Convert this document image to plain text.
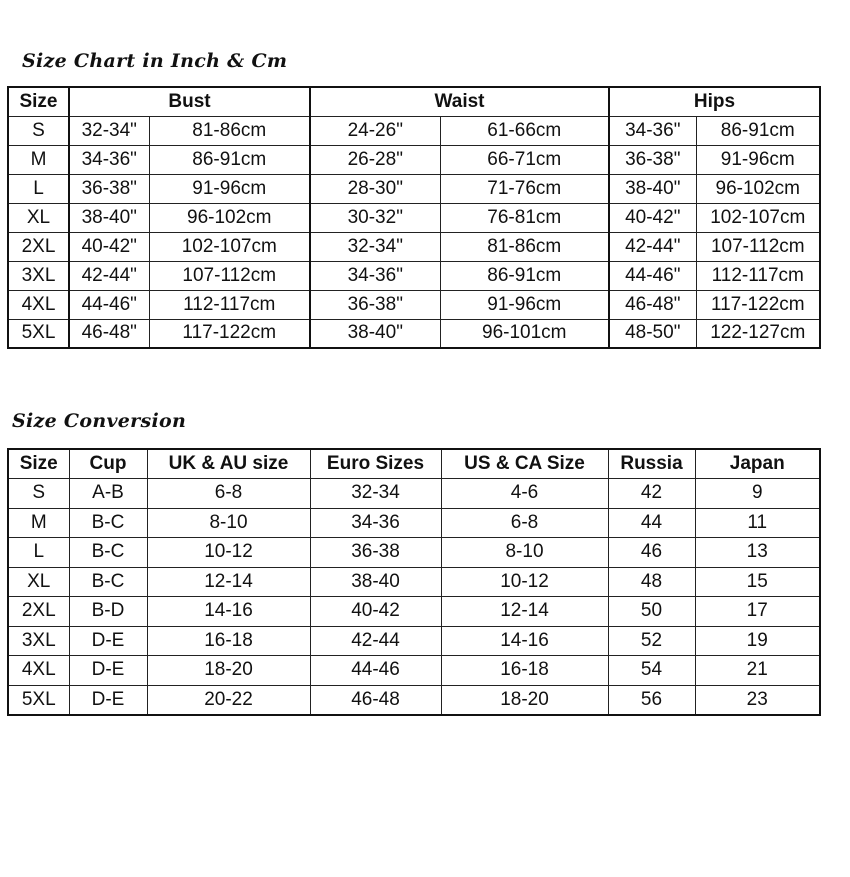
Size Chart in Inch & Cm
Size	Bust		Waist		Hips	
S	32-34"	81-86cm	24-26"	61-66cm	34-36"	86-91cm
M	34-36"	86-91cm	26-28"	66-71cm	36-38"	91-96cm
L	36-38"	91-96cm	28-30"	71-76cm	38-40"	96-102cm
XL	38-40"	96-102cm	30-32"	76-81cm	40-42"	102-107cm
2XL	40-42"	102-107cm	32-34"	81-86cm	42-44"	107-112cm
3XL	42-44"	107-112cm	34-36"	86-91cm	44-46"	112-117cm
4XL	44-46"	112-117cm	36-38"	91-96cm	46-48"	117-122cm
5XL	46-48"	117-122cm	38-40"	96-101cm	48-50"	122-127cm
Size Conversion
Size	Cup	UK & AU size	Euro Sizes	US & CA Size	Russia	Japan
S	A-B	6-8	32-34	4-6	42	9
M	B-C	8-10	34-36	6-8	44	11
L	B-C	10-12	36-38	8-10	46	13
XL	B-C	12-14	38-40	10-12	48	15
2XL	B-D	14-16	40-42	12-14	50	17
3XL	D-E	16-18	42-44	14-16	52	19
4XL	D-E	18-20	44-46	16-18	54	21
5XL	D-E	20-22	46-48	18-20	56	23
